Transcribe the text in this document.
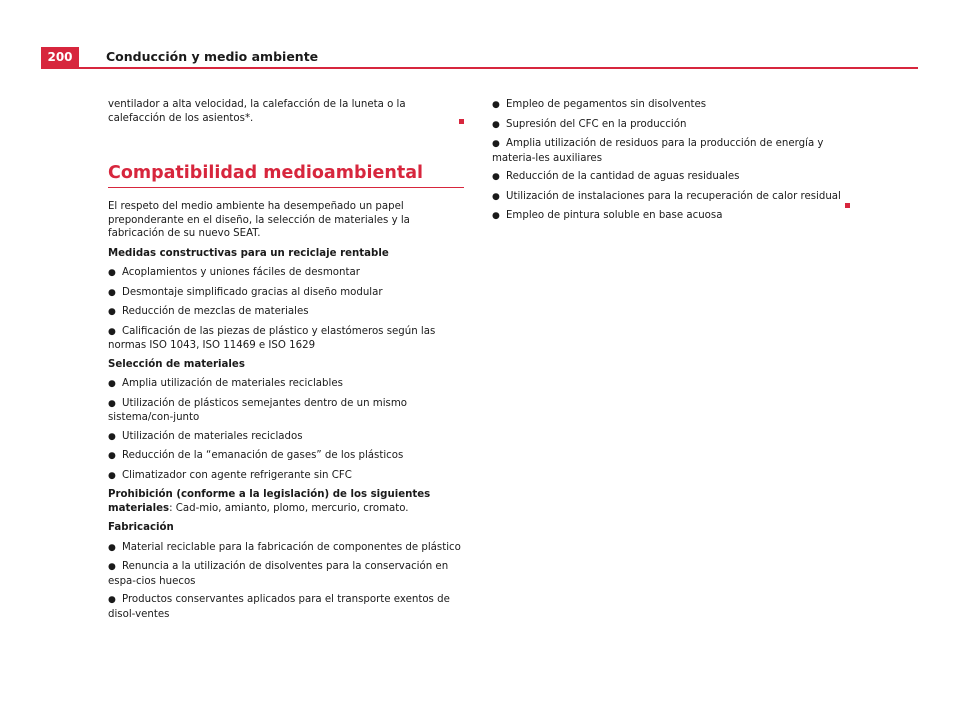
200	Conducción y medio ambiente

ventilador a alta velocidad, la calefacción de la luneta o la calefacción de los asientos*.

Compatibilidad medioambiental

El respeto del medio ambiente ha desempeñado un papel preponderante en el diseño, la selección de materiales y la fabricación de su nuevo SEAT.

Medidas constructivas para un reciclaje rentable

● Acoplamientos y uniones fáciles de desmontar

● Desmontaje simplificado gracias al diseño modular

● Reducción de mezclas de materiales

● Calificación de las piezas de plástico y elastómeros según las normas ISO 1043, ISO 11469 e ISO 1629

Selección de materiales

● Amplia utilización de materiales reciclables

● Utilización de plásticos semejantes dentro de un mismo sistema/con-junto

● Utilización de materiales reciclados

● Reducción de la “emanación de gases” de los plásticos

● Climatizador con agente refrigerante sin CFC

Prohibición (conforme a la legislación) de los siguientes materiales: Cad-mio, amianto, plomo, mercurio, cromato.

Fabricación

● Material reciclable para la fabricación de componentes de plástico

● Renuncia a la utilización de disolventes para la conservación en espa-cios huecos

● Productos conservantes aplicados para el transporte exentos de disol-ventes

● Empleo de pegamentos sin disolventes

● Supresión del CFC en la producción

● Amplia utilización de residuos para la producción de energía y materia-les auxiliares

● Reducción de la cantidad de aguas residuales

● Utilización de instalaciones para la recuperación de calor residual

● Empleo de pintura soluble en base acuosa
